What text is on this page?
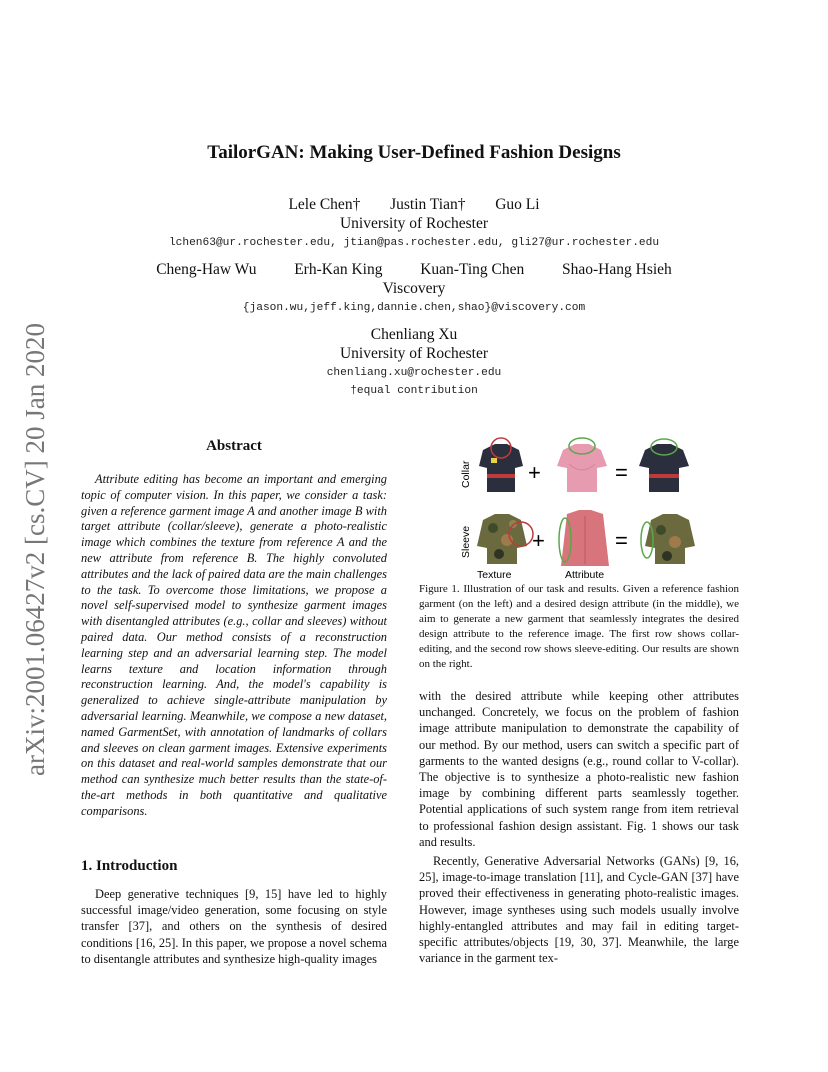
arXiv:2001.06427v2 [cs.CV] 20 Jan 2020
TailorGAN: Making User-Defined Fashion Designs
Lele Chen† Justin Tian† Guo Li
University of Rochester
lchen63@ur.rochester.edu, jtian@pas.rochester.edu, gli27@ur.rochester.edu
Cheng-Haw Wu Erh-Kan King Kuan-Ting Chen Shao-Hang Hsieh
Viscovery
{jason.wu,jeff.king,dannie.chen,shao}@viscovery.com
Chenliang Xu
University of Rochester
chenliang.xu@rochester.edu
†equal contribution
Abstract
Attribute editing has become an important and emerging topic of computer vision. In this paper, we consider a task: given a reference garment image A and another image B with target attribute (collar/sleeve), generate a photo-realistic image which combines the texture from reference A and the new attribute from reference B. The highly convoluted attributes and the lack of paired data are the main challenges to the task. To overcome those limitations, we propose a novel self-supervised model to synthesize garment images with disentangled attributes (e.g., collar and sleeves) without paired data. Our method consists of a reconstruction learning step and an adversarial learning step. The model learns texture and location information through reconstruction learning. And, the model's capability is generalized to achieve single-attribute manipulation by adversarial learning. Meanwhile, we compose a new dataset, named GarmentSet, with annotation of landmarks of collars and sleeves on clean garment images. Extensive experiments on this dataset and real-world samples demonstrate that our method can synthesize much better results than the state-of-the-art methods in both quantitative and qualitative comparisons.
1. Introduction
Deep generative techniques [9, 15] have led to highly successful image/video generation, some focusing on style transfer [37], and others on the synthesis of desired conditions [16, 25]. In this paper, we propose a novel schema to disentangle attributes and synthesize high-quality images
Collar	+	=
Sleeve	+	=
Texture	Attribute
Figure 1. Illustration of our task and results. Given a reference fashion garment (on the left) and a desired design attribute (in the middle), we aim to generate a new garment that seamlessly integrates the desired design attribute to the reference image. The first row shows collar-editing, and the second row shows sleeve-editing. Our results are shown on the right.
with the desired attribute while keeping other attributes unchanged. Concretely, we focus on the problem of fashion image attribute manipulation to demonstrate the capability of our method. By our method, users can switch a specific part of garments to the wanted designs (e.g., round collar to V-collar). The objective is to synthesize a photo-realistic new fashion image by combining different parts seamlessly together. Potential applications of such system range from item retrieval to professional fashion design assistant. Fig. 1 shows our task and results.
Recently, Generative Adversarial Networks (GANs) [9, 16, 25], image-to-image translation [11], and Cycle-GAN [37] have proved their effectiveness in generating photo-realistic images. However, image syntheses using such models usually involve highly-entangled attributes and may fail in editing target-specific attributes/objects [19, 30, 37]. Meanwhile, the large variance in the garment tex-
